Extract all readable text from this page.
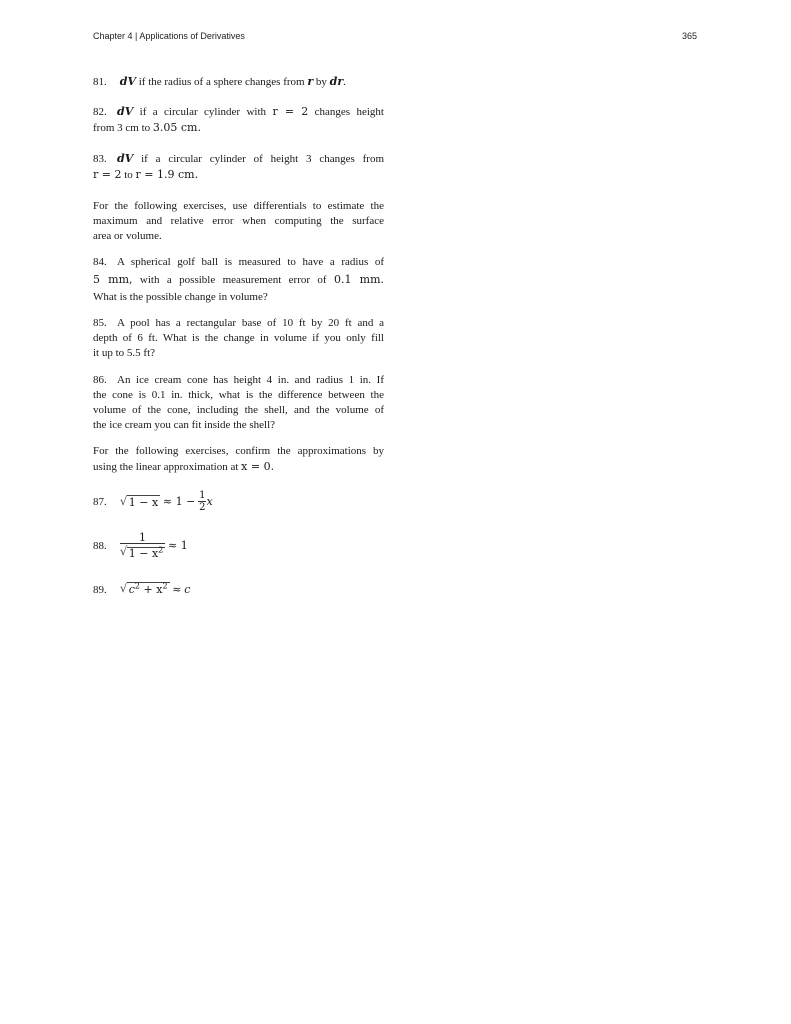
Chapter 4 | Applications of Derivatives	365
81. dV if the radius of a sphere changes from r by dr.
82. dV if a circular cylinder with r = 2 changes height
from 3 cm to 3.05 cm.
83. dV if a circular cylinder of height 3 changes from
r = 2 to r = 1.9 cm.
For the following exercises, use differentials to estimate the
maximum and relative error when computing the surface
area or volume.
84. A spherical golf ball is measured to have a radius of
5 mm, with a possible measurement error of 0.1 mm.
What is the possible change in volume?
85. A pool has a rectangular base of 10 ft by 20 ft and a
depth of 6 ft. What is the change in volume if you only fill
it up to 5.5 ft?
86. An ice cream cone has height 4 in. and radius 1 in. If
the cone is 0.1 in. thick, what is the difference between the
volume of the cone, including the shell, and the volume of
the ice cream you can fit inside the shell?
For the following exercises, confirm the approximations by
using the linear approximation at x = 0.
87. √ $1 - x \approx 1 - \frac{1}{2}$ x
88. 1
√ $1 - x^2 \approx 1$
89. √ $c^2 + x^2 \approx c$
